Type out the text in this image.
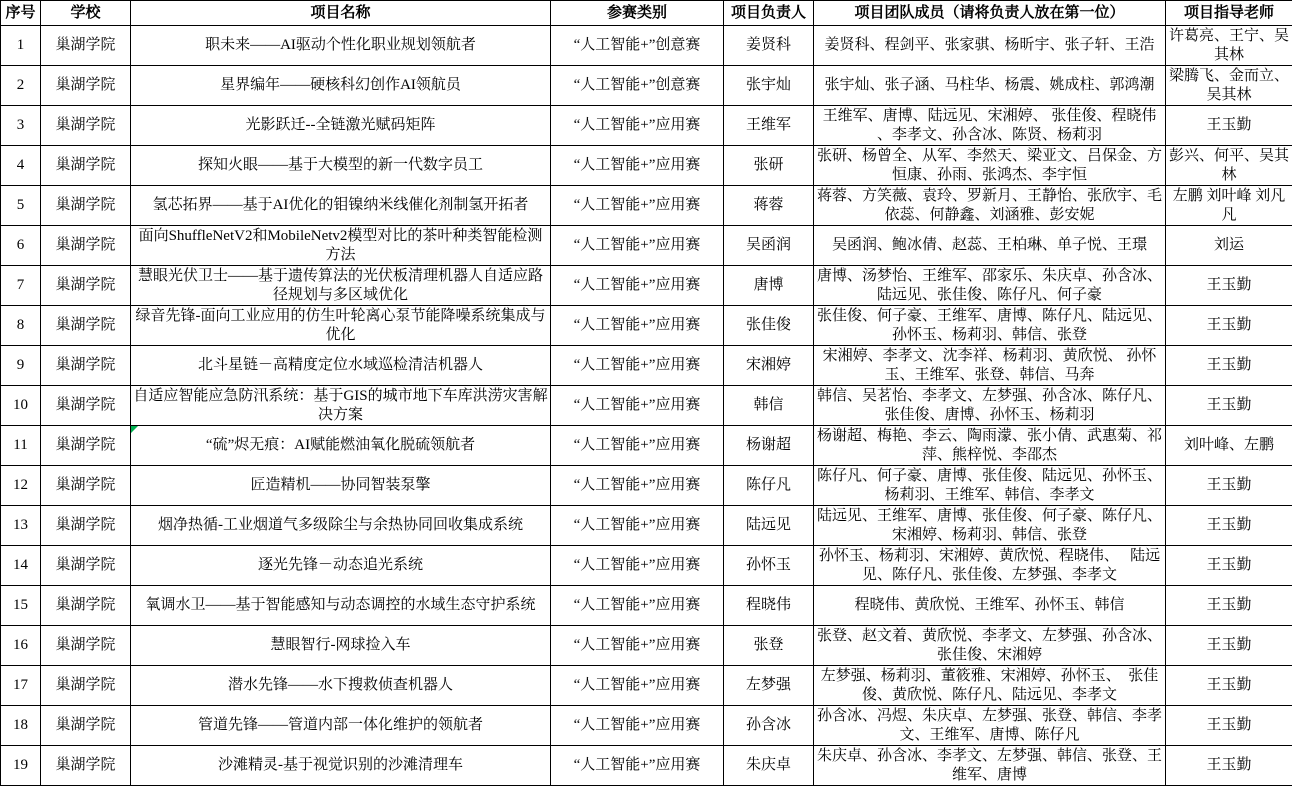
序号	学校	项目名称	参赛类别	项目负责人	项目团队成员（请将负责人放在第一位）	项目指导老师
1	巢湖学院	职未来——AI驱动个性化职业规划领航者	“人工智能+”创意赛	姜贤科	姜贤科、程剑平、张家骐、杨昕宇、张子轩、王浩	许葛亮、王宁、吴其林
2	巢湖学院	星界编年——硬核科幻创作AI领航员	“人工智能+”创意赛	张宇灿	张宇灿、张子涵、马柱华、杨震、姚成柱、郭鸿潮	梁腾飞、金而立、吴其林
3	巢湖学院	光影跃迁--全链激光赋码矩阵	“人工智能+”应用赛	王维军	王维军、唐博、陆远见、宋湘婷、 张佳俊、程晓伟、李孝文、孙含冰、陈贤、杨莉羽	王玉勤
4	巢湖学院	探知火眼——基于大模型的新一代数字员工	“人工智能+”应用赛	张研	张研、杨曾全、从军、李然天、梁亚文、吕保金、方恒康、孙雨、张鸿杰、李宇恒	彭兴、何平、吴其林
5	巢湖学院	氢芯拓界——基于AI优化的钼镍纳米线催化剂制氢开拓者	“人工智能+”应用赛	蒋蓉	蒋蓉、方笑薇、袁玲、罗新月、王静怡、张欣宇、毛依蕊、何静鑫、刘涵雅、彭安妮	左鹏 刘叶峰 刘凡凡
6	巢湖学院	面向ShuffleNetV2和MobileNetv2模型对比的茶叶种类智能检测方法	“人工智能+”应用赛	吴函润	吴函润、鲍冰倩、赵蕊、王柏琳、单子悦、王璟	刘运
7	巢湖学院	慧眼光伏卫士——基于遗传算法的光伏板清理机器人自适应路径规划与多区域优化	“人工智能+”应用赛	唐博	唐博、汤梦怡、王维军、邵家乐、朱庆卓、孙含冰、陆远见、张佳俊、陈仔凡、何子豪	王玉勤
8	巢湖学院	绿音先锋-面向工业应用的仿生叶轮离心泵节能降噪系统集成与优化	“人工智能+”应用赛	张佳俊	张佳俊、何子豪、王维军、唐博、陈仔凡、陆远见、孙怀玉、杨莉羽、韩信、张登	王玉勤
9	巢湖学院	北斗星链－高精度定位水域巡检清洁机器人	“人工智能+”应用赛	宋湘婷	宋湘婷、李孝文、沈李祥、杨莉羽、黄欣悦、 孙怀玉、王维军、张登、韩信、马奔	王玉勤
10	巢湖学院	自适应智能应急防汛系统：基于GIS的城市地下车库洪涝灾害解决方案	“人工智能+”应用赛	韩信	韩信、吴茗怡、李孝文、左梦强、孙含冰、陈仔凡、张佳俊、唐博、孙怀玉、杨莉羽	王玉勤
11	巢湖学院	“硫”烬无痕：AI赋能燃油氧化脱硫领航者	“人工智能+”应用赛	杨谢超	杨谢超、梅艳、李云、陶雨濛、张小倩、武惠菊、祁萍、熊梓悦、李邵杰	刘叶峰、左鹏
12	巢湖学院	匠造精机——协同智装泵擎	“人工智能+”应用赛	陈仔凡	陈仔凡、何子豪、唐博、张佳俊、陆远见、孙怀玉、杨莉羽、王维军、韩信、李孝文	王玉勤
13	巢湖学院	烟净热循-工业烟道气多级除尘与余热协同回收集成系统	“人工智能+”应用赛	陆远见	陆远见、王维军、唐博、张佳俊、何子豪、陈仔凡、宋湘婷、杨莉羽、韩信、张登	王玉勤
14	巢湖学院	逐光先锋－动态追光系统	“人工智能+”应用赛	孙怀玉	孙怀玉、杨莉羽、宋湘婷、黄欣悦、程晓伟、　 陆远见、陈仔凡、张佳俊、左梦强、李孝文	王玉勤
15	巢湖学院	氧调水卫——基于智能感知与动态调控的水域生态守护系统	“人工智能+”应用赛	程晓伟	程晓伟、黄欣悦、王维军、孙怀玉、韩信	王玉勤
16	巢湖学院	慧眼智行-网球捡入车	“人工智能+”应用赛	张登	张登、赵文着、黄欣悦、李孝文、左梦强、孙含冰、张佳俊、宋湘婷	王玉勤
17	巢湖学院	潜水先锋——水下搜救侦查机器人	“人工智能+”应用赛	左梦强	左梦强、杨莉羽、董筱雅、宋湘婷、孙怀玉、　张佳俊、黄欣悦、陈仔凡、陆远见、李孝文	王玉勤
18	巢湖学院	管道先锋——管道内部一体化维护的领航者	“人工智能+”应用赛	孙含冰	孙含冰、冯煜、朱庆卓、左梦强、张登、韩信、李孝文、王维军、唐博、陈仔凡	王玉勤
19	巢湖学院	沙滩精灵-基于视觉识别的沙滩清理车	“人工智能+”应用赛	朱庆卓	朱庆卓、孙含冰、李孝文、左梦强、韩信、张登、王维军、唐博	王玉勤
